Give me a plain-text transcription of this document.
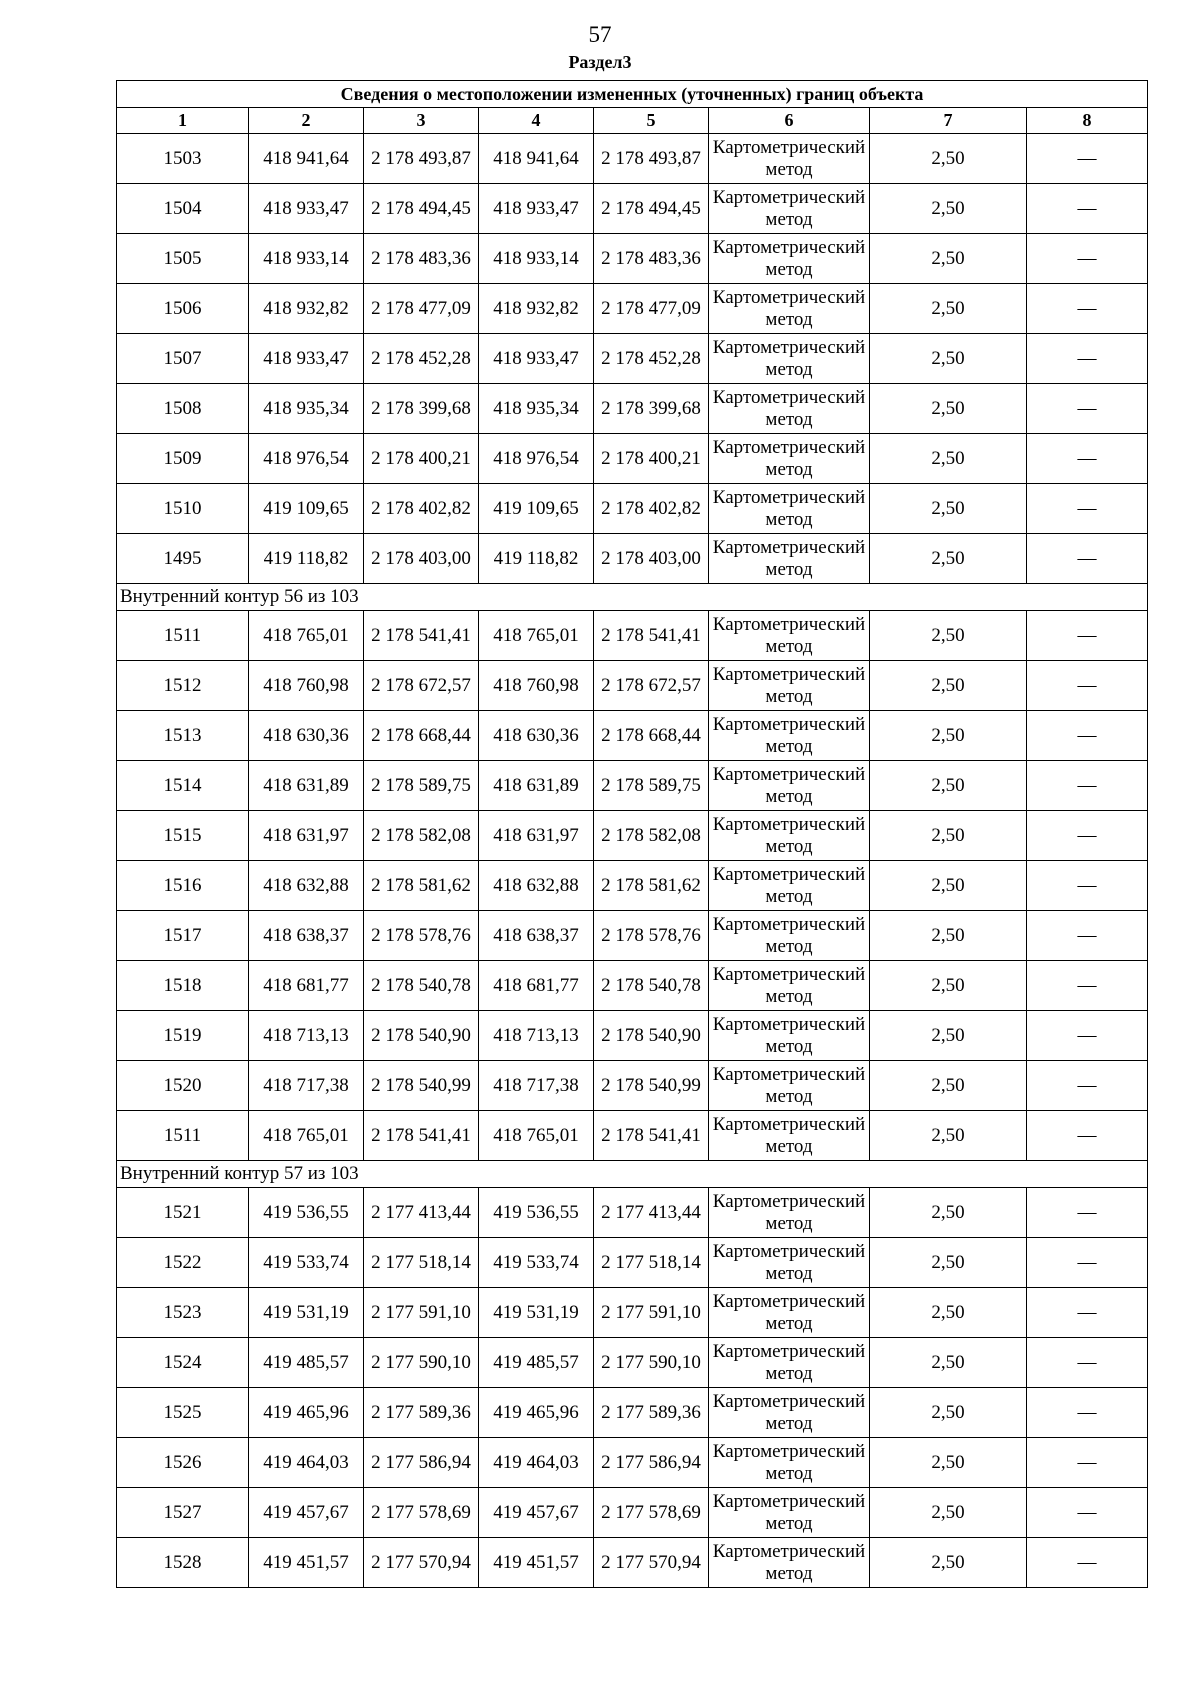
57
Раздел3
Сведения о местоположении измененных (уточненных) границ объекта							
1	2	3	4	5	6	7	8
1503	418 941,64	2 178 493,87	418 941,64	2 178 493,87	Картометрический метод	2,50	—
1504	418 933,47	2 178 494,45	418 933,47	2 178 494,45	Картометрический метод	2,50	—
1505	418 933,14	2 178 483,36	418 933,14	2 178 483,36	Картометрический метод	2,50	—
1506	418 932,82	2 178 477,09	418 932,82	2 178 477,09	Картометрический метод	2,50	—
1507	418 933,47	2 178 452,28	418 933,47	2 178 452,28	Картометрический метод	2,50	—
1508	418 935,34	2 178 399,68	418 935,34	2 178 399,68	Картометрический метод	2,50	—
1509	418 976,54	2 178 400,21	418 976,54	2 178 400,21	Картометрический метод	2,50	—
1510	419 109,65	2 178 402,82	419 109,65	2 178 402,82	Картометрический метод	2,50	—
1495	419 118,82	2 178 403,00	419 118,82	2 178 403,00	Картометрический метод	2,50	—
Внутренний контур 56 из 103							
1511	418 765,01	2 178 541,41	418 765,01	2 178 541,41	Картометрический метод	2,50	—
1512	418 760,98	2 178 672,57	418 760,98	2 178 672,57	Картометрический метод	2,50	—
1513	418 630,36	2 178 668,44	418 630,36	2 178 668,44	Картометрический метод	2,50	—
1514	418 631,89	2 178 589,75	418 631,89	2 178 589,75	Картометрический метод	2,50	—
1515	418 631,97	2 178 582,08	418 631,97	2 178 582,08	Картометрический метод	2,50	—
1516	418 632,88	2 178 581,62	418 632,88	2 178 581,62	Картометрический метод	2,50	—
1517	418 638,37	2 178 578,76	418 638,37	2 178 578,76	Картометрический метод	2,50	—
1518	418 681,77	2 178 540,78	418 681,77	2 178 540,78	Картометрический метод	2,50	—
1519	418 713,13	2 178 540,90	418 713,13	2 178 540,90	Картометрический метод	2,50	—
1520	418 717,38	2 178 540,99	418 717,38	2 178 540,99	Картометрический метод	2,50	—
1511	418 765,01	2 178 541,41	418 765,01	2 178 541,41	Картометрический метод	2,50	—
Внутренний контур 57 из 103							
1521	419 536,55	2 177 413,44	419 536,55	2 177 413,44	Картометрический метод	2,50	—
1522	419 533,74	2 177 518,14	419 533,74	2 177 518,14	Картометрический метод	2,50	—
1523	419 531,19	2 177 591,10	419 531,19	2 177 591,10	Картометрический метод	2,50	—
1524	419 485,57	2 177 590,10	419 485,57	2 177 590,10	Картометрический метод	2,50	—
1525	419 465,96	2 177 589,36	419 465,96	2 177 589,36	Картометрический метод	2,50	—
1526	419 464,03	2 177 586,94	419 464,03	2 177 586,94	Картометрический метод	2,50	—
1527	419 457,67	2 177 578,69	419 457,67	2 177 578,69	Картометрический метод	2,50	—
1528	419 451,57	2 177 570,94	419 451,57	2 177 570,94	Картометрический метод	2,50	—
